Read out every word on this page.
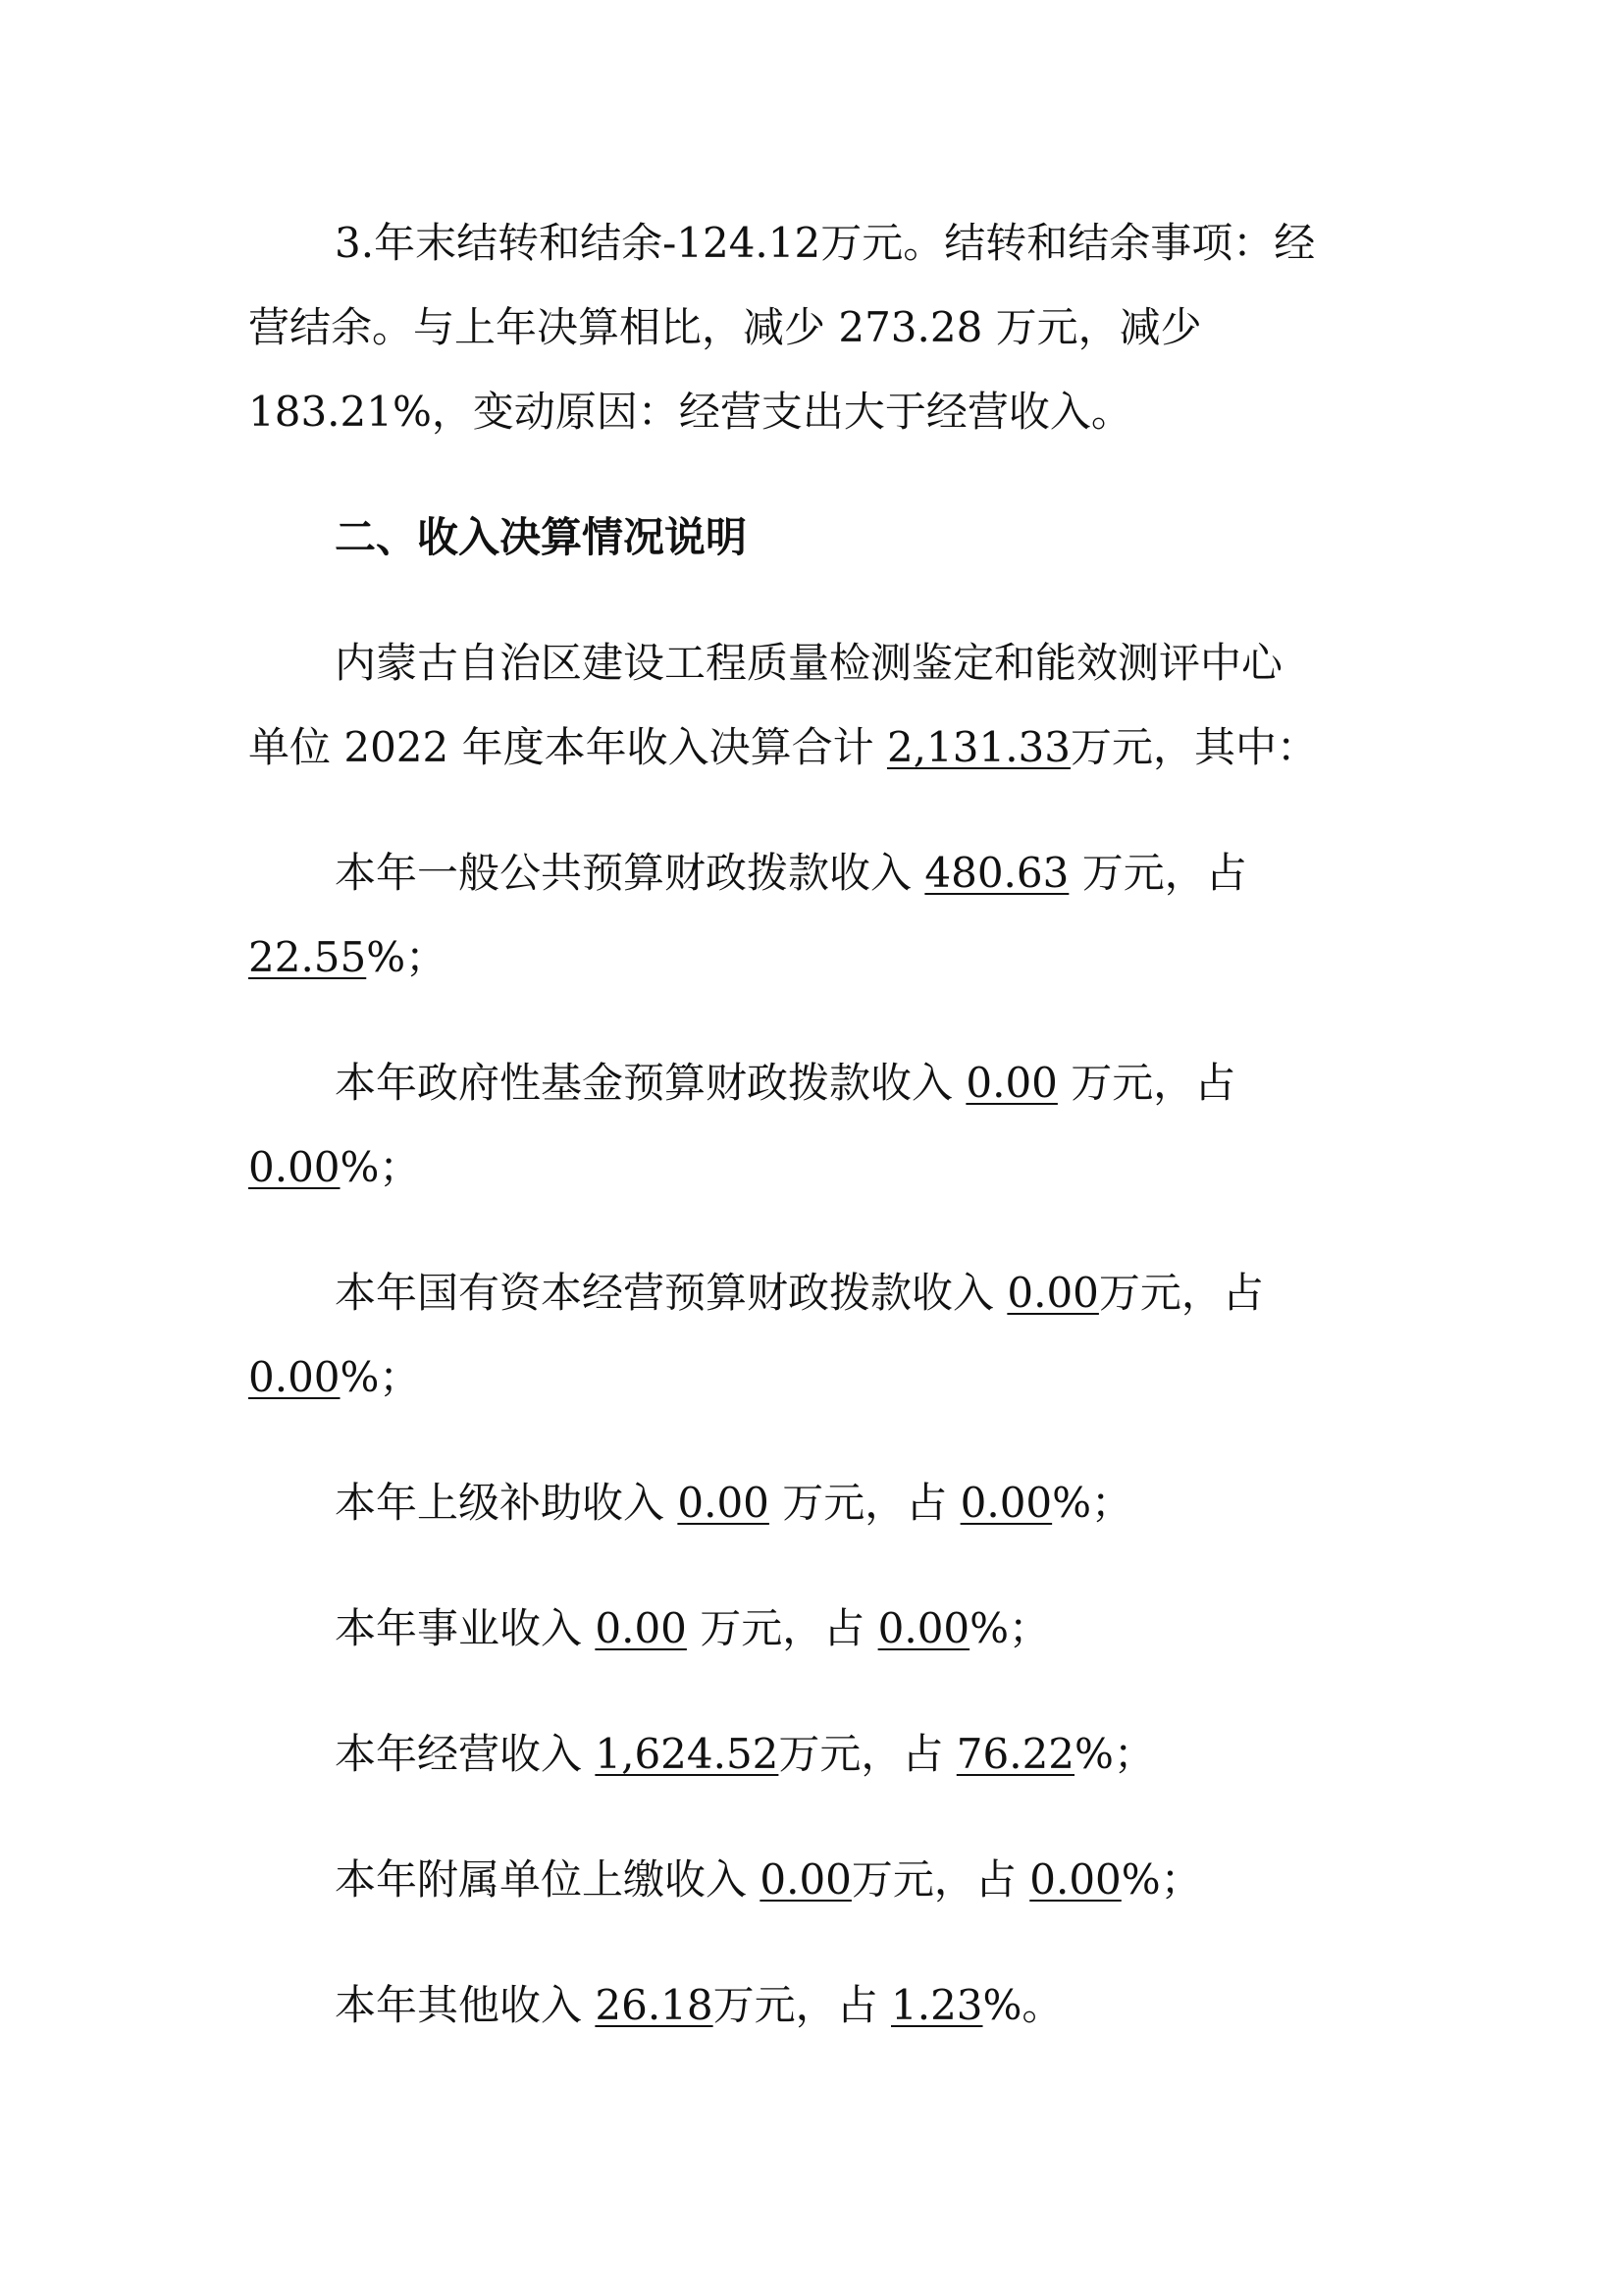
3.年末结转和结余-124.12万元。结转和结余事项：经
营结余。与上年决算相比，减少 273.28 万元，减少
183.21%，变动原因：经营支出大于经营收入。
二、收入决算情况说明
内蒙古自治区建设工程质量检测鉴定和能效测评中心
单位 2022 年度本年收入决算合计 2,131.33万元，其中：
本年一般公共预算财政拨款收入 480.63 万元，占
22.55%；
本年政府性基金预算财政拨款收入 0.00 万元，占
0.00%；
本年国有资本经营预算财政拨款收入 0.00万元，占
0.00%；
本年上级补助收入 0.00 万元，占 0.00%；
本年事业收入 0.00 万元，占 0.00%；
本年经营收入 1,624.52万元，占 76.22%；
本年附属单位上缴收入 0.00万元，占 0.00%；
本年其他收入 26.18万元，占 1.23%。
